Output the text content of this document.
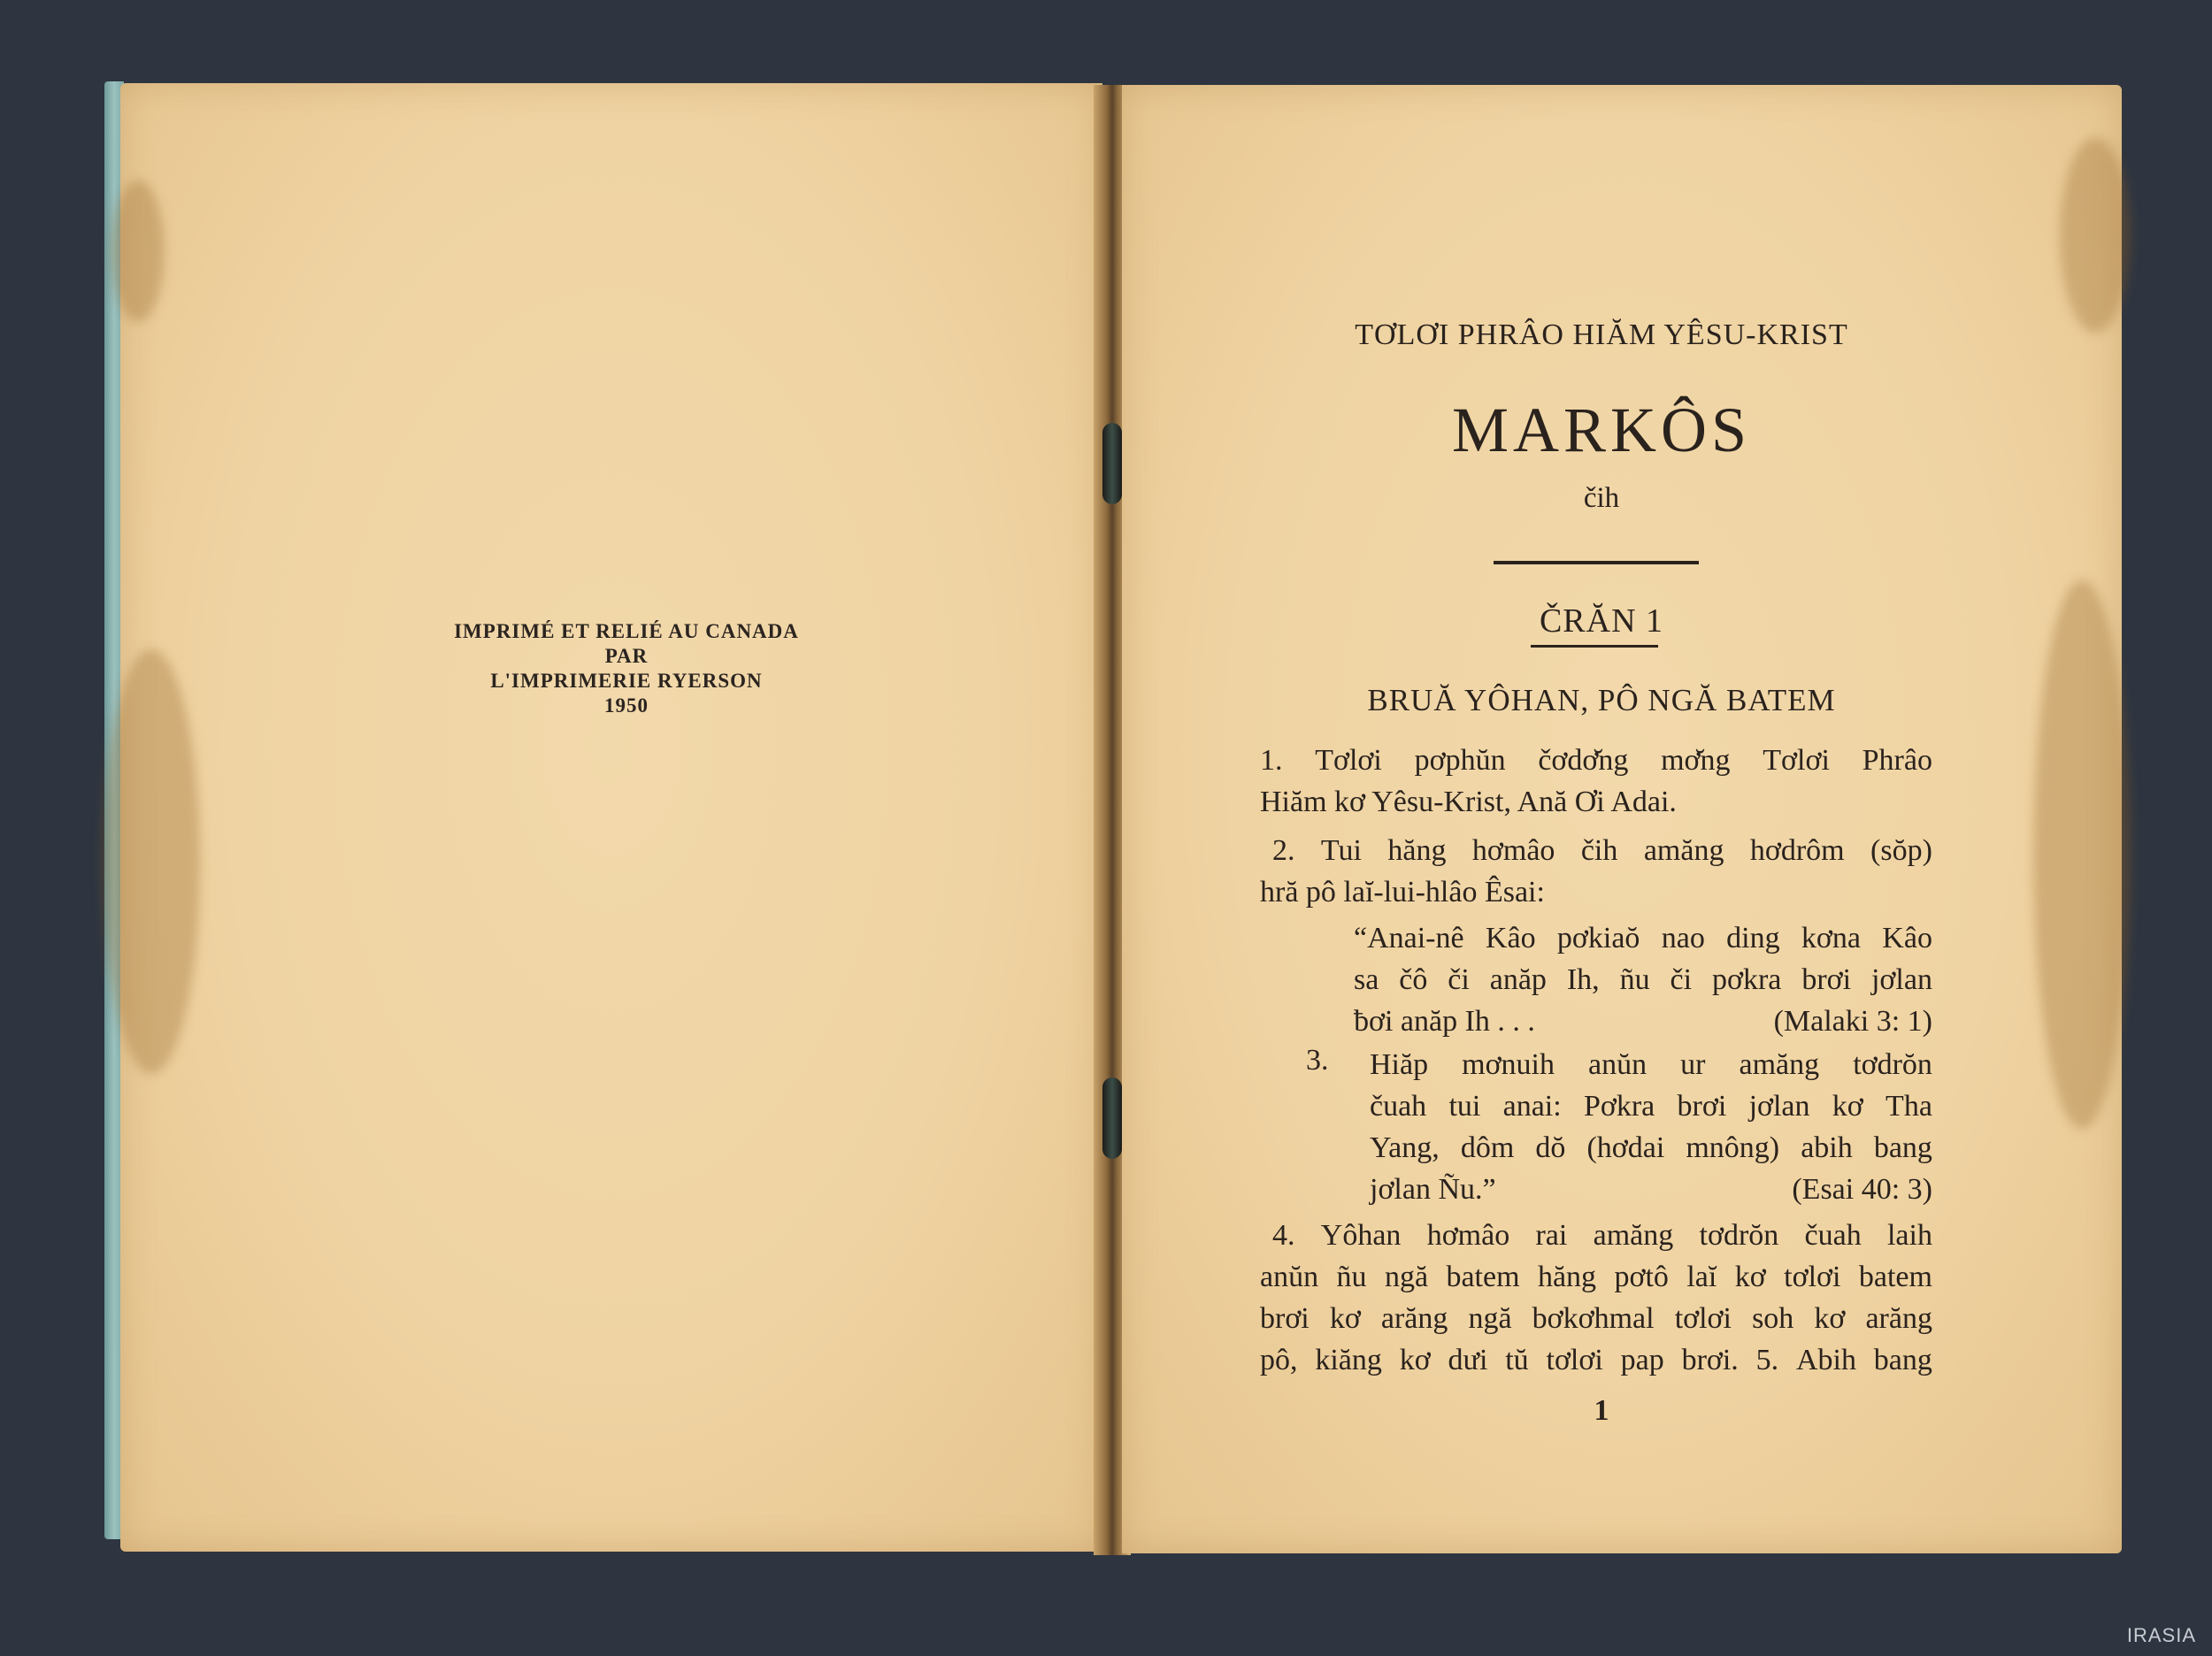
IMPRIMÉ ET RELIÉ AU CANADA
PAR
L'IMPRIMERIE RYERSON
1950
TƠLƠI PHRÂO HIĂM YÊSU-KRIST
MARKÔS
čih
ČRĂN 1
BRUĂ YÔHAN, PÔ NGĂ BATEM
1. Tơlơi pơphŭn čơdơ̆ng mơ̆ng Tơlơi Phrâo
Hiăm kơ Yêsu-Krist, Ană Ơi Adai.
2. Tui hăng hơmâo čih amăng hơdrôm (sŏp)
hră pô laĭ-lui-hlâo Êsai:
“Anai-nê Kâo pơkiaŏ nao ding kơna Kâo
sa čô či anăp Ih, ñu či pơkra brơi jơlan
ƀơi anăp Ih . . .	(Malaki 3: 1)
3. Hiăp mơnuih anŭn ur amăng tơdrŏn
čuah tui anai: Pơkra brơi jơlan kơ Tha
Yang, dôm dŏ (hơdai mnông) abih bang
jơlan Ñu.”	(Esai 40: 3)
4. Yôhan hơmâo rai amăng tơdrŏn čuah laih
anŭn ñu ngă batem hăng pơtô laĭ kơ tơlơi batem
brơi kơ arăng ngă bơkơhmal tơlơi soh kơ arăng
pô, kiăng kơ dưi tŭ tơlơi pap brơi. 5. Abih bang
1
IRASIA
